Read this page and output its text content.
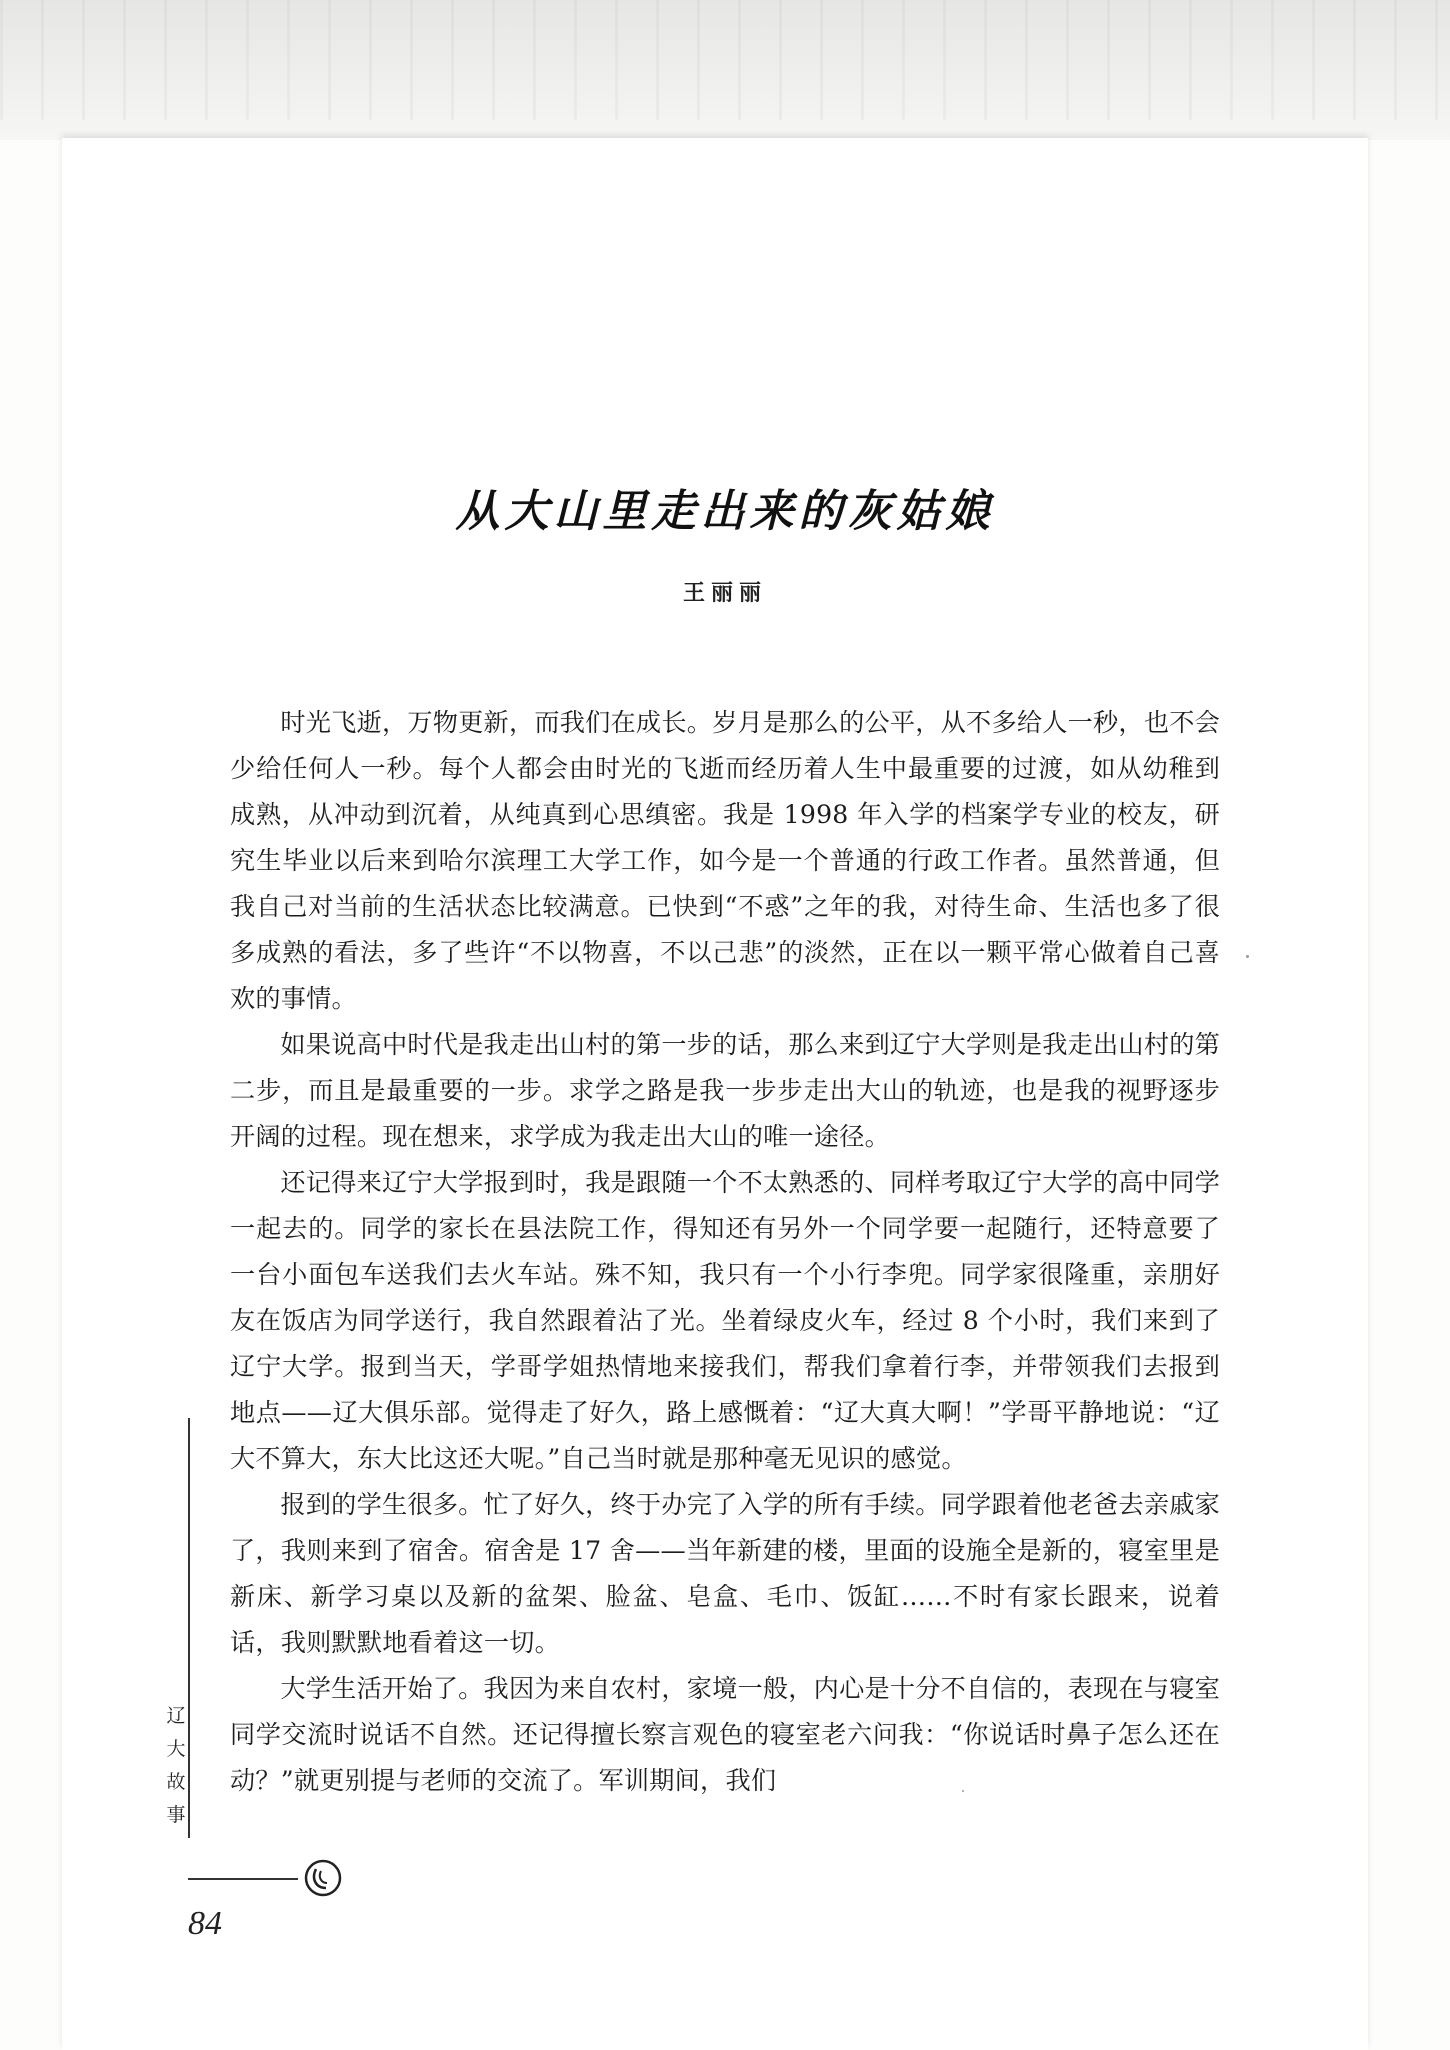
从大山里走出来的灰姑娘
王丽丽

时光飞逝，万物更新，而我们在成长。岁月是那么的公平，从不多给人一秒，也不会少给任何人一秒。每个人都会由时光的飞逝而经历着人生中最重要的过渡，如从幼稚到成熟，从冲动到沉着，从纯真到心思缜密。我是 1998 年入学的档案学专业的校友，研究生毕业以后来到哈尔滨理工大学工作，如今是一个普通的行政工作者。虽然普通，但我自己对当前的生活状态比较满意。已快到“不惑”之年的我，对待生命、生活也多了很多成熟的看法，多了些许“不以物喜，不以己悲”的淡然，正在以一颗平常心做着自己喜欢的事情。

如果说高中时代是我走出山村的第一步的话，那么来到辽宁大学则是我走出山村的第二步，而且是最重要的一步。求学之路是我一步步走出大山的轨迹，也是我的视野逐步开阔的过程。现在想来，求学成为我走出大山的唯一途径。

还记得来辽宁大学报到时，我是跟随一个不太熟悉的、同样考取辽宁大学的高中同学一起去的。同学的家长在县法院工作，得知还有另外一个同学要一起随行，还特意要了一台小面包车送我们去火车站。殊不知，我只有一个小行李兜。同学家很隆重，亲朋好友在饭店为同学送行，我自然跟着沾了光。坐着绿皮火车，经过 8 个小时，我们来到了辽宁大学。报到当天，学哥学姐热情地来接我们，帮我们拿着行李，并带领我们去报到地点——辽大俱乐部。觉得走了好久，路上感慨着：“辽大真大啊！”学哥平静地说：“辽大不算大，东大比这还大呢。”自己当时就是那种毫无见识的感觉。

报到的学生很多。忙了好久，终于办完了入学的所有手续。同学跟着他老爸去亲戚家了，我则来到了宿舍。宿舍是 17 舍——当年新建的楼，里面的设施全是新的，寝室里是新床、新学习桌以及新的盆架、脸盆、皂盒、毛巾、饭缸……不时有家长跟来，说着话，我则默默地看着这一切。

大学生活开始了。我因为来自农村，家境一般，内心是十分不自信的，表现在与寝室同学交流时说话不自然。还记得擅长察言观色的寝室老六问我：“你说话时鼻子怎么还在动？”就更别提与老师的交流了。军训期间，我们

辽
大
故
事
84
